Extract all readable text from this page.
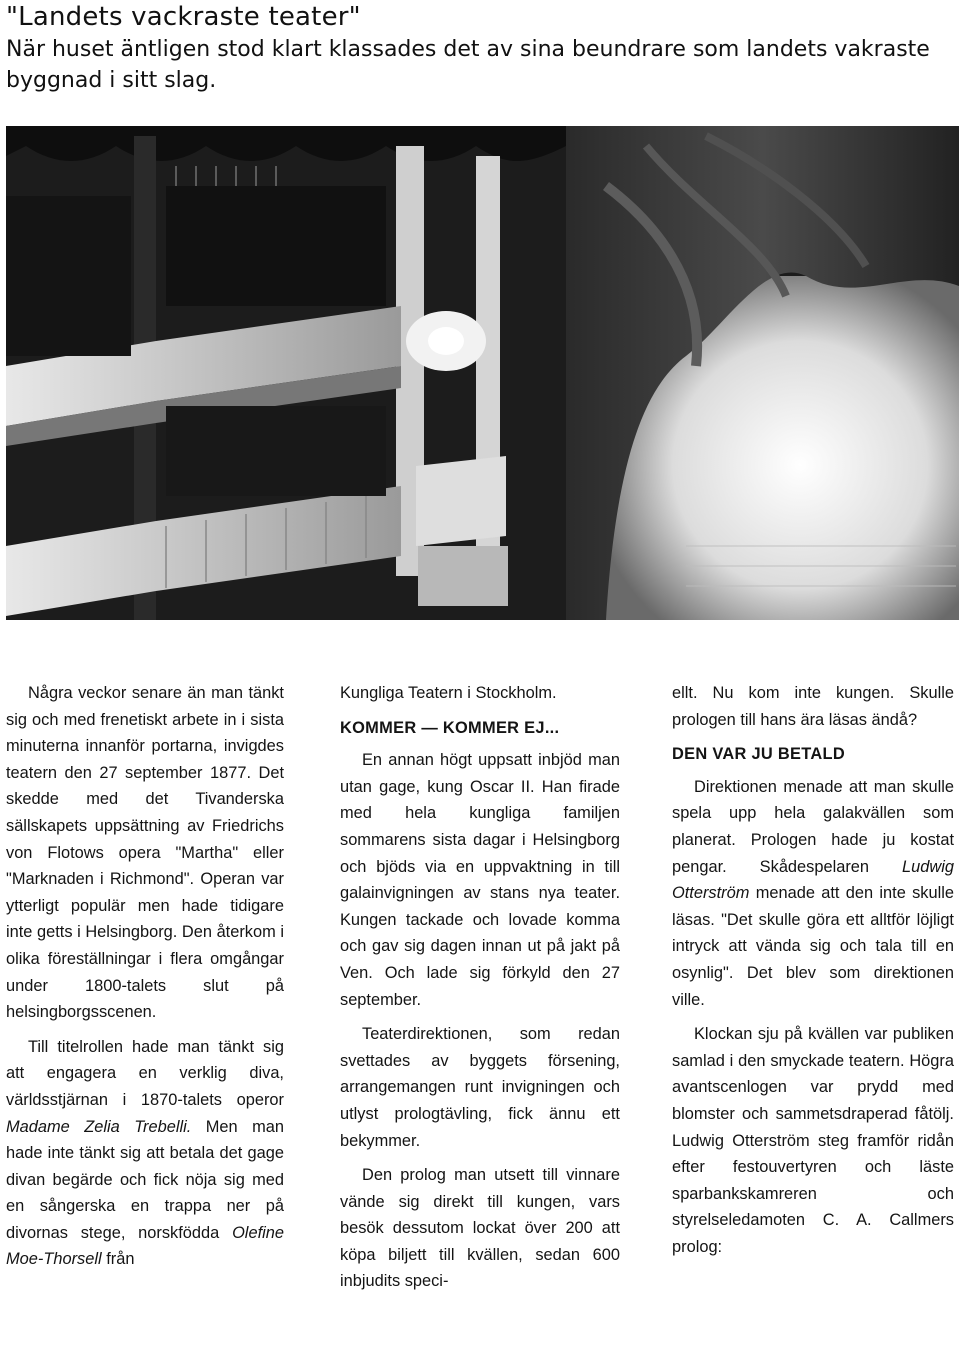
"Landets vackraste teater"

När huset äntligen stod klart klassades det av sina beundrare som landets vakraste byggnad i sitt slag.

Några veckor senare än man tänkt sig och med frenetiskt arbete in i sista minuterna innanför portarna, invigdes teatern den 27 september 1877. Det skedde med det Tivanderska sällskapets uppsättning av Friedrichs von Flotows opera "Martha" eller "Marknaden i Richmond". Operan var ytterligt populär men hade tidigare inte getts i Helsingborg. Den återkom i olika föreställningar i flera omgångar under 1800-talets slut på helsingborgsscenen.

Till titelrollen hade man tänkt sig att engagera en verklig diva, världsstjärnan i 1870-talets operor Madame Zelia Trebelli. Men man hade inte tänkt sig att betala det gage divan begärde och fick nöja sig med en sångerska en trappa ner på divornas stege, norskfödda Olefine Moe-Thorsell från

Kungliga Teatern i Stockholm.

KOMMER — KOMMER EJ...

En annan högt uppsatt inbjöd man utan gage, kung Oscar II. Han firade med hela kungliga familjen sommarens sista dagar i Helsingborg och bjöds via en uppvaktning in till galainvigningen av stans nya teater. Kungen tackade och lovade komma och gav sig dagen innan ut på jakt på Ven. Och lade sig förkyld den 27 september.

Teaterdirektionen, som redan svettades av byggets försening, arrangemangen runt invigningen och utlyst prologtävling, fick ännu ett bekymmer.

Den prolog man utsett till vinnare vände sig direkt till kungen, vars besök dessutom lockat över 200 att köpa biljett till kvällen, sedan 600 inbjudits speci-

ellt. Nu kom inte kungen. Skulle prologen till hans ära läsas ändå?

DEN VAR JU BETALD

Direktionen menade att man skulle spela upp hela galakvällen som planerat. Prologen hade ju kostat pengar. Skådespelaren Ludwig Otterström menade att den inte skulle läsas. "Det skulle göra ett alltför löjligt intryck att vända sig och tala till en osynlig". Det blev som direktionen ville.

Klockan sju på kvällen var publiken samlad i den smyckade teatern. Högra avantscenlogen var prydd med blomster och sammetsdraperad fåtölj. Ludwig Otterström steg framför ridån efter festouvertyren och läste sparbankskamreren och styrelseledamoten C. A. Callmers prolog:
